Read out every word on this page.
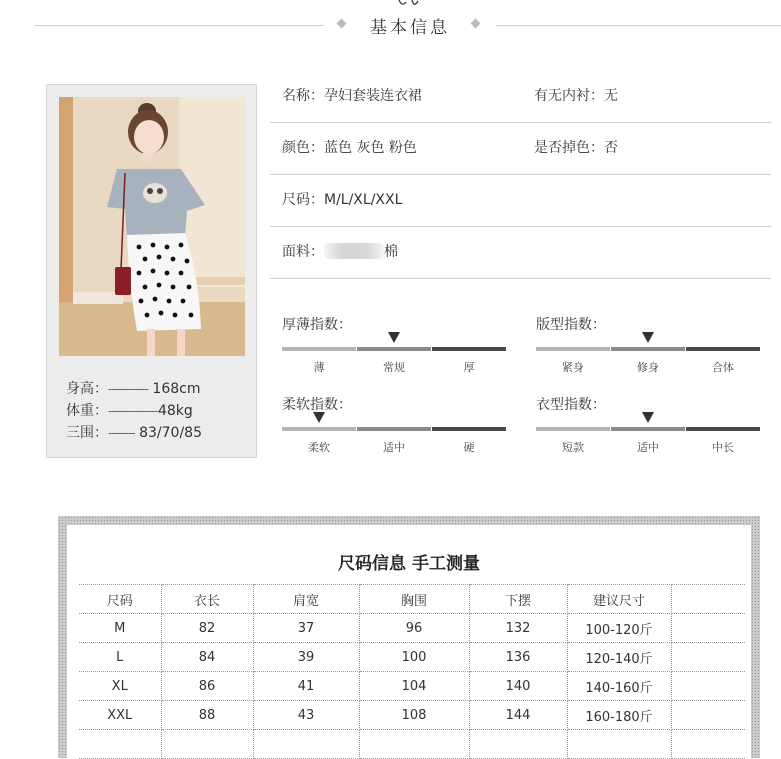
基本信息
身高：------------ 168cm
体重：---------------48kg
三围：-------- 83/70/85
名称：孕妇套装连衣裙	有无内衬：无
颜色：蓝色 灰色 粉色	是否掉色：否
尺码：M/L/XL/XXL
面料：	棉
厚薄指数：
薄	常规	厚
版型指数：
紧身	修身	合体
柔软指数：
柔软	适中	硬
衣型指数：
短款	适中	中长
尺码信息 手工测量
尺码	衣长	肩宽	胸围	下摆	建议尺寸	
M	82	37	96	132	100-120斤	
L	84	39	100	136	120-140斤	
XL	86	41	104	140	140-160斤	
XXL	88	43	108	144	160-180斤	
